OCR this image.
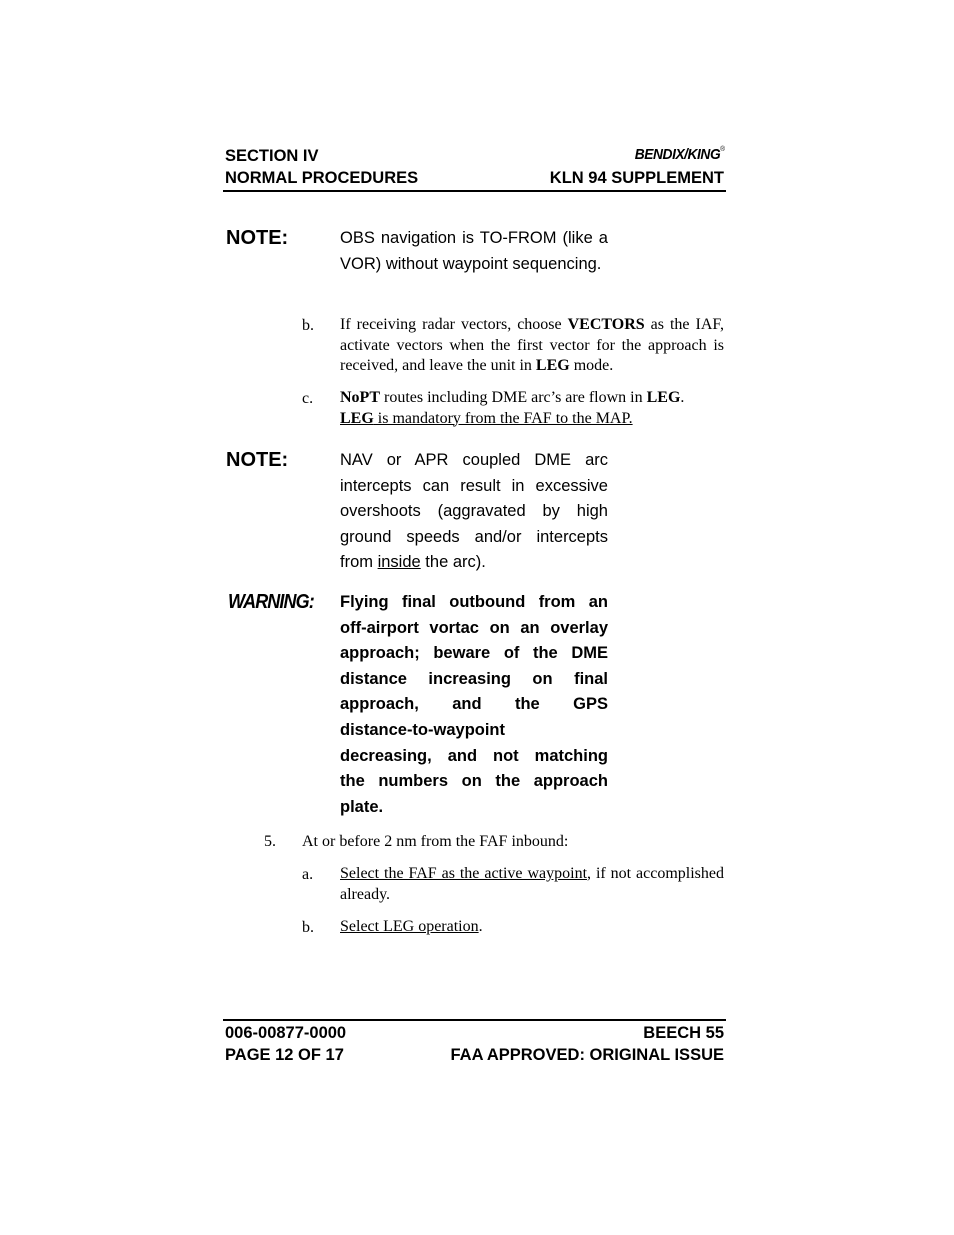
SECTION IV	BENDIX/KING®
NORMAL PROCEDURES	KLN 94 SUPPLEMENT
NOTE:	OBS navigation is TO-FROM (like a VOR) without waypoint sequencing.
b. If receiving radar vectors, choose VECTORS as the IAF, activate vectors when the first vector for the approach is received, and leave the unit in LEG mode.
c. NoPT routes including DME arc’s are flown in LEG.
LEG is mandatory from the FAF to the MAP.
NOTE:	NAV or APR coupled DME arc intercepts can result in excessive overshoots (aggravated by high ground speeds and/or intercepts from inside the arc).
WARNING: Flying final outbound from an
off-airport vortac on an overlay
approach; beware of the DME
distance increasing on final
approach, and the GPS
distance-to-waypoint
decreasing, and not matching
the numbers on the approach
plate.
5. At or before 2 nm from the FAF inbound:
a. Select the FAF as the active waypoint, if not accomplished already.
b. Select LEG operation.
006-00877-0000	BEECH 55
PAGE 12 OF 17	FAA APPROVED: ORIGINAL ISSUE
